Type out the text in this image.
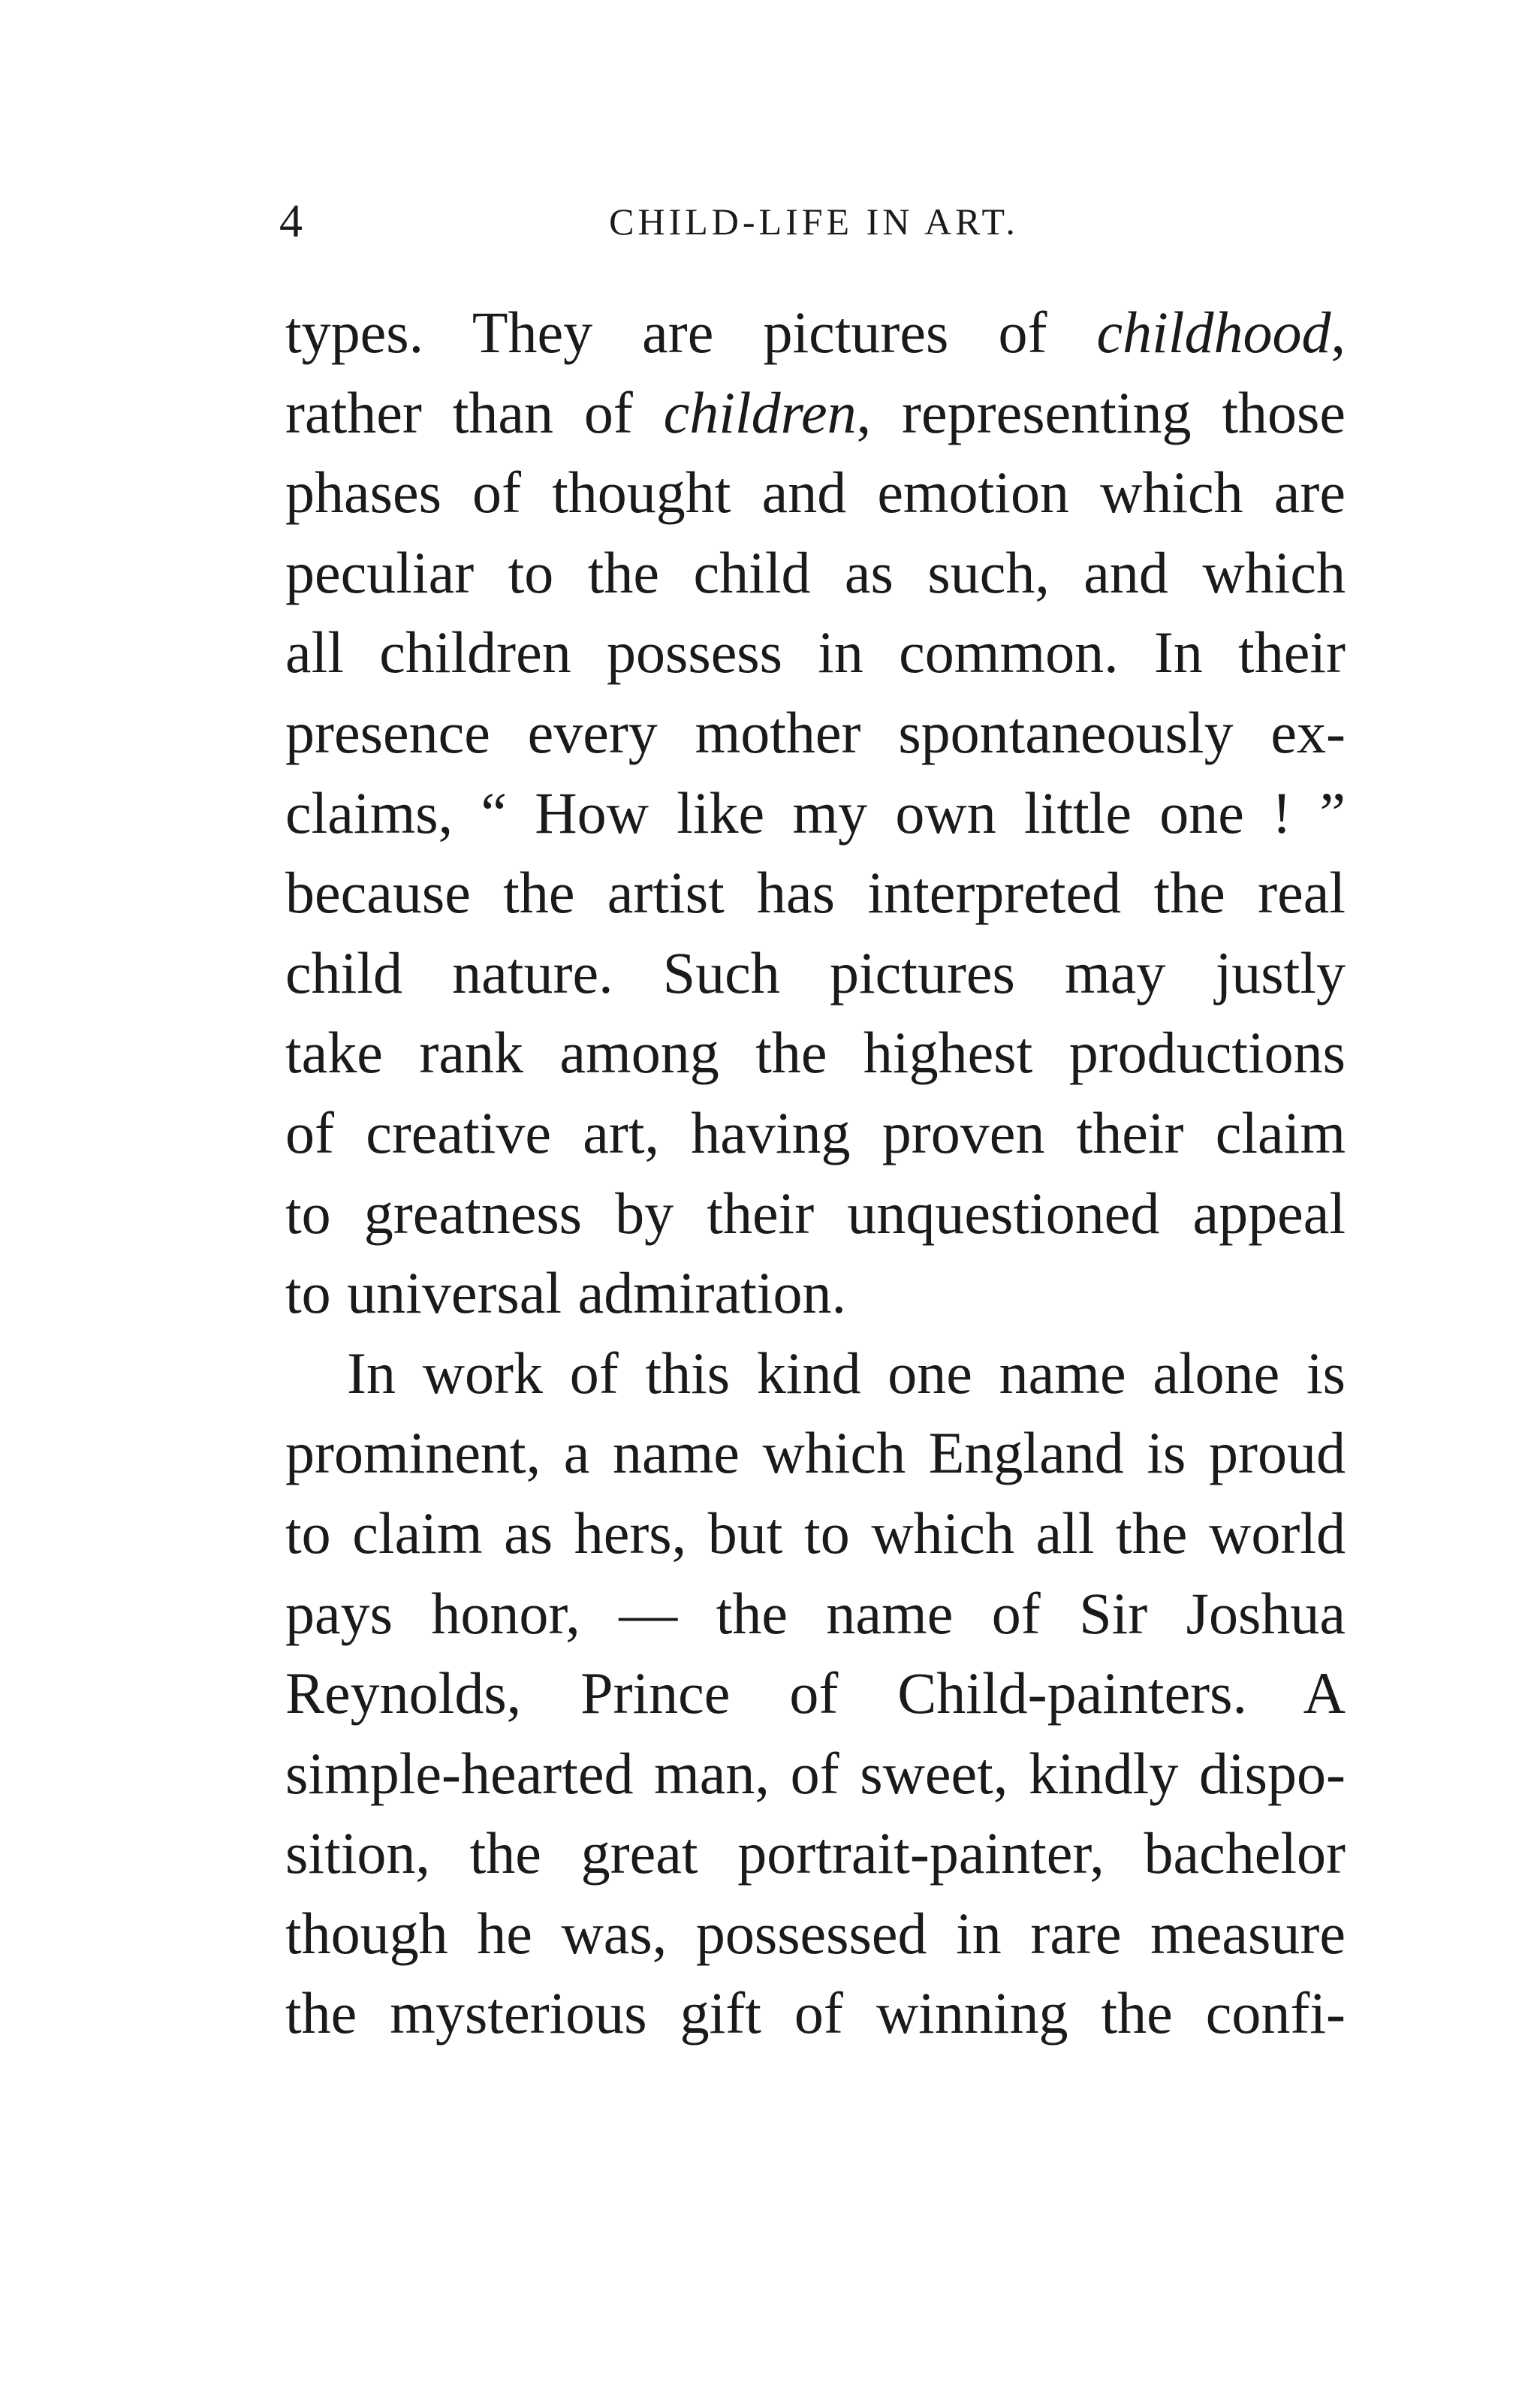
4	CHILD-LIFE IN ART.
types. They are pictures of childhood,
rather than of children, representing those
phases of thought and emotion which are
peculiar to the child as such, and which
all children possess in common. In their
presence every mother spontaneously ex-
claims, “ How like my own little one ! ”
because the artist has interpreted the real
child nature. Such pictures may justly
take rank among the highest productions
of creative art, having proven their claim
to greatness by their unquestioned appeal
to universal admiration.
In work of this kind one name alone is
prominent, a name which England is proud
to claim as hers, but to which all the world
pays honor, — the name of Sir Joshua
Reynolds, Prince of Child-painters. A
simple-hearted man, of sweet, kindly dispo-
sition, the great portrait-painter, bachelor
though he was, possessed in rare measure
the mysterious gift of winning the confi-
